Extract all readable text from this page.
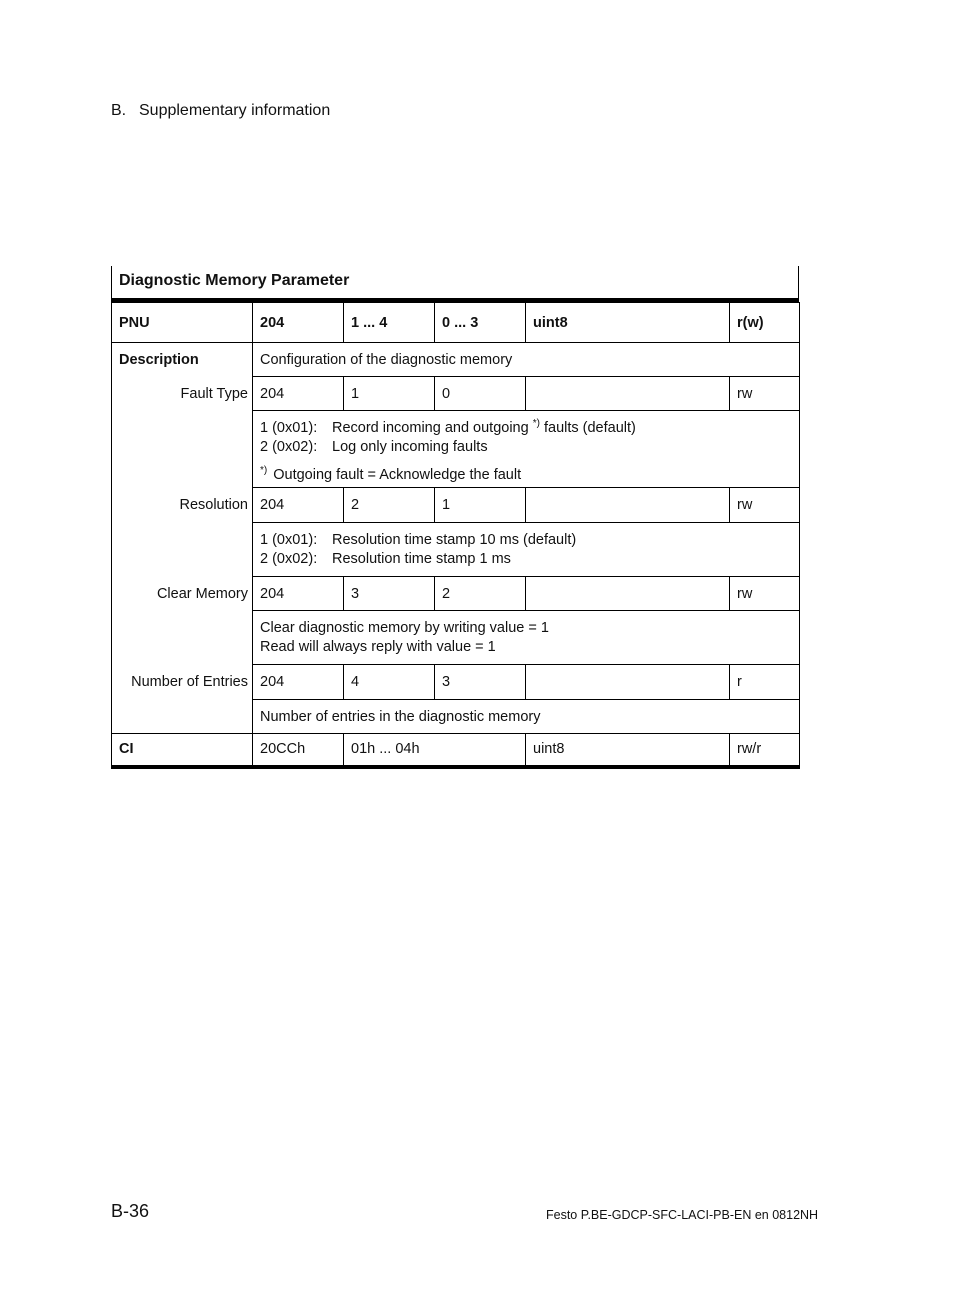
B. Supplementary information
Diagnostic Memory Parameter
PNU	204	1 ... 4	0 ... 3	uint8	r(w)
Description	Configuration of the diagnostic memory				
Fault Type	204	1	0		rw

	1 (0x01): Record incoming and outgoing *) faults (default)
2 (0x02): Log only incoming faults
*) Outgoing fault = Acknowledge the fault				

Resolution	204	2	1		rw

	1 (0x01): Resolution time stamp 10 ms (default)
2 (0x02): Resolution time stamp 1 ms				

Clear Memory	204	3	2		rw

	Clear diagnostic memory by writing value = 1
Read will always reply with value = 1				

Number of Entries	204	4	3		r
	Number of entries in the diagnostic memory				
CI	20CCh	01h ... 04h		uint8	rw/r
B-36	Festo P.BE-GDCP-SFC-LACI-PB-EN en 0812NH
